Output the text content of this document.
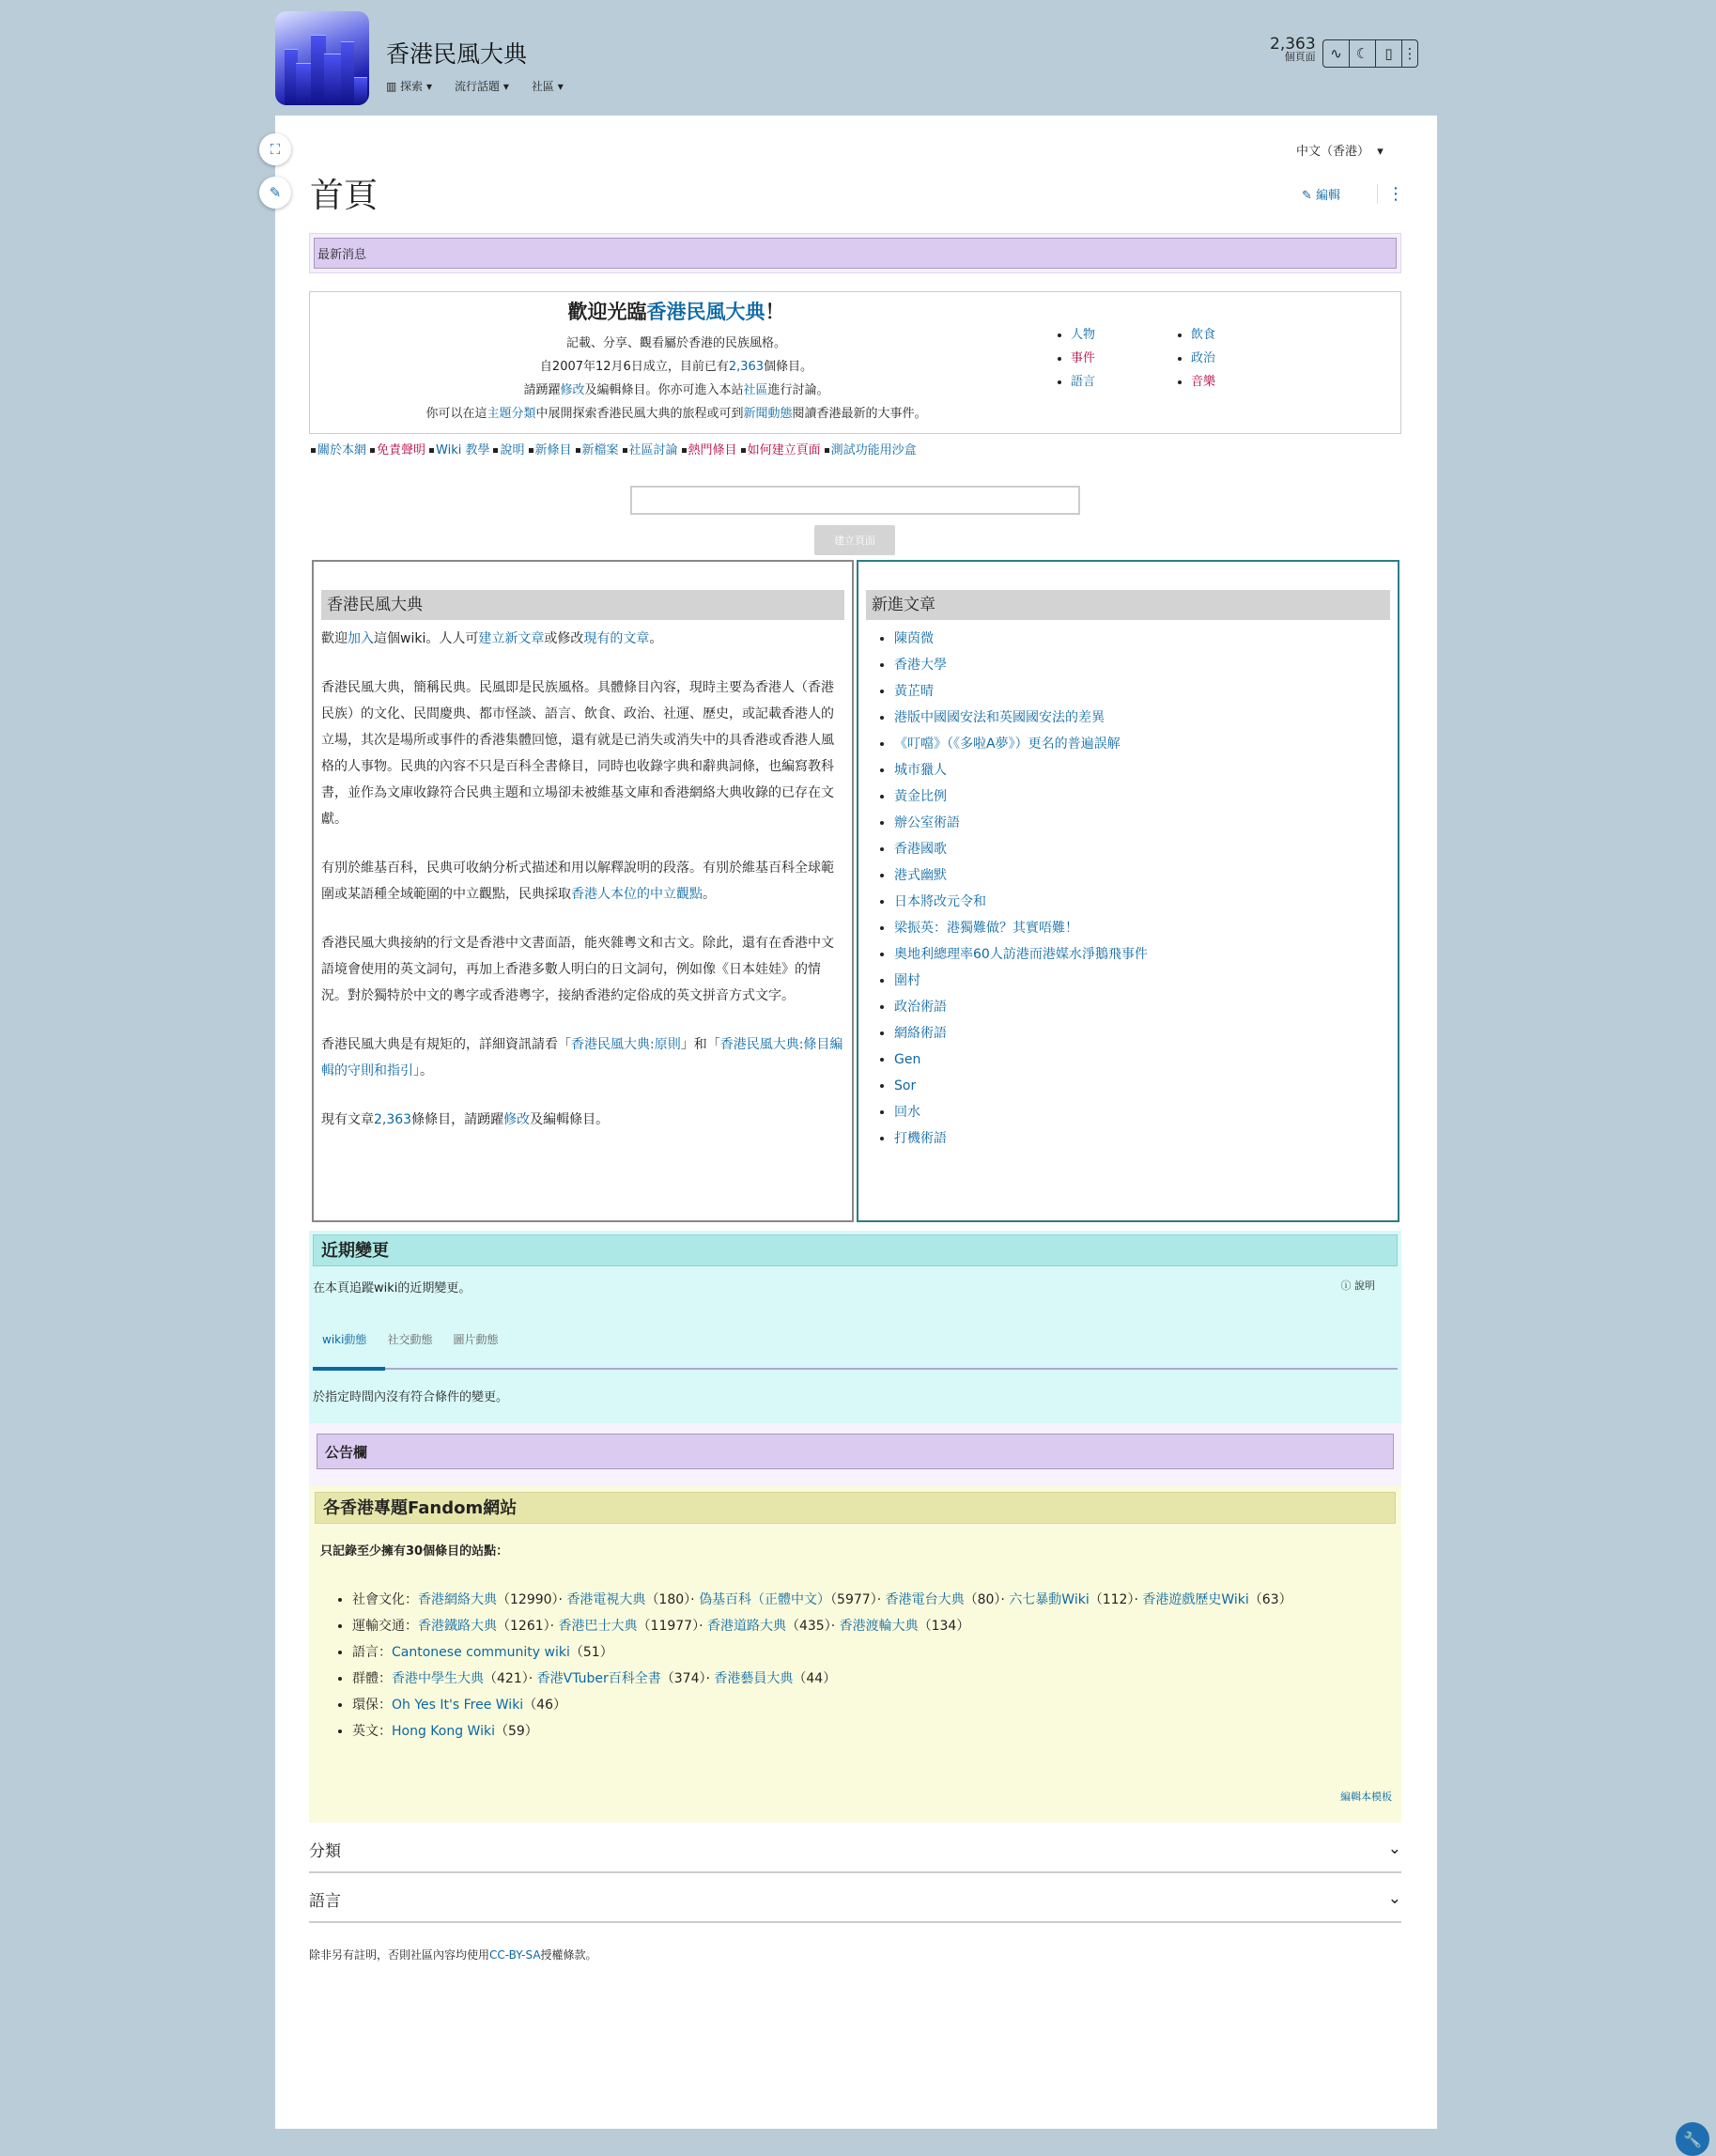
香港民風大典
▥ 探索 ▾ 流行話題 ▾ 社區 ▾
2,363
個頁面	∿ ☾	▯ ⋮
⛶
✎
中文（香港）  ▾
首頁	✎ 編輯	⋮
最新消息
歡迎光臨香港民風大典！
記載、分享、觀看屬於香港的民族風格。
自2007年12月6日成立，目前已有2,363個條目。
請踴躍修改及編輯條目。你亦可進入本站社區進行討論。
你可以在這主題分類中展開探索香港民風大典的旅程或可到新聞動態閱讀香港最新的大事件。
• 人物
• 事件
• 語言
• 飲食
• 政治
• 音樂
關於本網 免責聲明 Wiki 教學 說明 新條目 新檔案 社區討論 熱門條目 如何建立頁面 測試功能用沙盒
建立頁面
香港民風大典

歡迎加入這個wiki。人人可建立新文章或修改現有的文章。

香港民風大典，簡稱民典。民風即是民族風格。具體條目內容，現時主要為香港人（香港民族）的文化、民間慶典、都市怪談、語言、飲食、政治、社運、歷史，或記載香港人的立場，其次是場所或事件的香港集體回憶，還有就是已消失或消失中的具香港或香港人風格的人事物。民典的內容不只是百科全書條目，同時也收錄字典和辭典詞條，也編寫教科書，並作為文庫收錄符合民典主題和立場卻未被維基文庫和香港網絡大典收錄的已存在文獻。

有別於維基百科，民典可收納分析式描述和用以解釋說明的段落。有別於維基百科全球範圍或某語種全域範圍的中立觀點，民典採取香港人本位的中立觀點。

香港民風大典接納的行文是香港中文書面語，能夾雜粵文和古文。除此，還有在香港中文語境會使用的英文詞句，再加上香港多數人明白的日文詞句，例如像《日本娃娃》的情況。對於獨特於中文的粵字或香港粵字，接納香港約定俗成的英文拼音方式文字。

香港民風大典是有規矩的，詳細資訊請看「香港民風大典:原則」和「香港民風大典:條目編輯的守則和指引」。

現有文章2,363條條目，請踴躍修改及編輯條目。

新進文章
• 陳茵微
• 香港大學
• 黃芷晴
• 港版中國國安法和英國國安法的差異
• 《叮噹》（《多啦A夢》）更名的普遍誤解
• 城市獵人
• 黃金比例
• 辦公室術語
• 香港國歌
• 港式幽默
• 日本將改元令和
• 梁振英：港獨難做？其實唔難！
• 奧地利總理率60人訪港而港媒水淨鵝飛事件
• 圍村
• 政治術語
• 網絡術語
• Gen
• Sor
• 回水
• 打機術語
近期變更
在本頁追蹤wiki的近期變更。	ⓘ 說明
wiki動態 社交動態 圖片動態
於指定時間內沒有符合條件的變更。
公告欄
各香港專題Fandom網站
只記錄至少擁有30個條目的站點：
• 社會文化：香港網絡大典（12990）· 香港電視大典（180）· 偽基百科（正體中文）（5977）· 香港電台大典（80）· 六七暴動Wiki（112）· 香港遊戲歷史Wiki（63）
• 運輸交通：香港鐵路大典（1261）· 香港巴士大典（11977）· 香港道路大典（435）· 香港渡輪大典（134）
• 語言：Cantonese community wiki（51）
• 群體：香港中學生大典（421）· 香港VTuber百科全書（374）· 香港藝員大典（44）
• 環保：Oh Yes It's Free Wiki（46）
• 英文：Hong Kong Wiki（59）
編輯本模板
分類	⌄
語言	⌄
除非另有註明，否則社區內容均使用CC-BY-SA授權條款。
🔧
